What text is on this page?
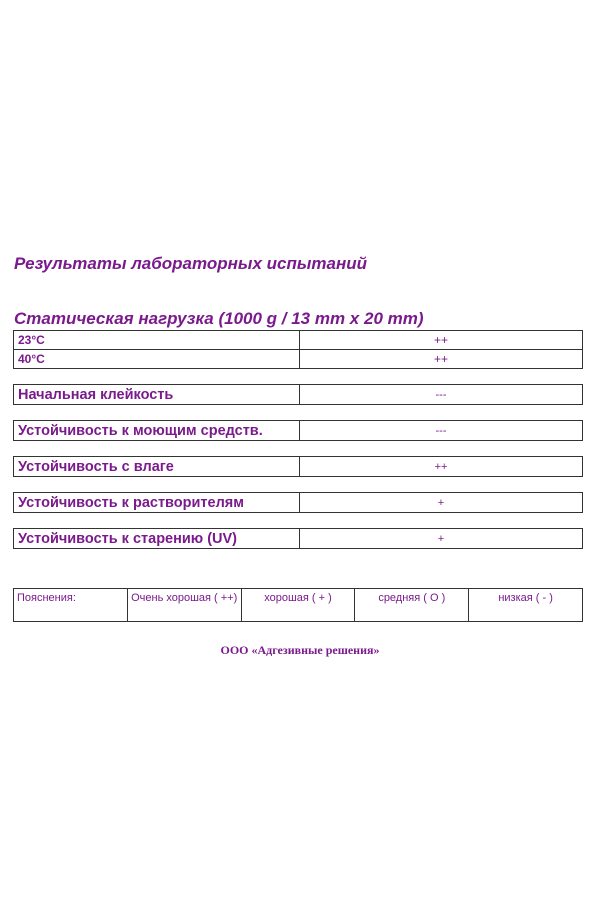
Результаты лабораторных испытаний
Статическая нагрузка (1000 g / 13 mm x 20 mm)
23°C	++
40°C	++
Начальная клейкость	---
Устойчивость к моющим средств.	---
Устойчивость с влаге	++
Устойчивость к растворителям	+
Устойчивость к старению (UV)	+
Пояснения:	Очень хорошая ( ++)	хорошая ( + )	средняя ( O )	низкая ( - )
ООО «Адгезивные решения»
